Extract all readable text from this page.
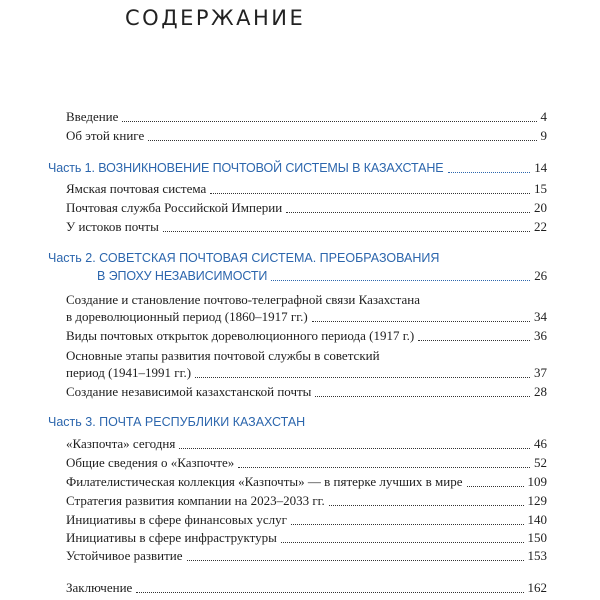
СОДЕРЖАНИЕ
Введение	4
Об этой книге	9
Часть 1. ВОЗНИКНОВЕНИЕ ПОЧТОВОЙ СИСТЕМЫ В КАЗАХСТАНЕ	14
Ямская почтовая система	15
Почтовая служба Российской Империи	20
У истоков почты	22
Часть 2. СОВЕТСКАЯ ПОЧТОВАЯ СИСТЕМА. ПРЕОБРАЗОВАНИЯ
В ЭПОХУ НЕЗАВИСИМОСТИ	26
Создание и становление почтово-телеграфной связи Казахстана
в дореволюционный период (1860–1917 гг.)	34
Виды почтовых открыток дореволюционного периода (1917 г.)	36
Основные этапы развития почтовой службы в советский
период (1941–1991 гг.)	37
Создание независимой казахстанской почты	28
Часть 3. ПОЧТА РЕСПУБЛИКИ КАЗАХСТАН
«Казпочта» сегодня	46
Общие сведения о «Казпочте»	52
Филателистическая коллекция «Казпочты» — в пятерке лучших в мире	109
Стратегия развития компании на 2023–2033 гг.	129
Инициативы в сфере финансовых услуг	140
Инициативы в сфере инфраструктуры	150
Устойчивое развитие	153
Заключение	162
